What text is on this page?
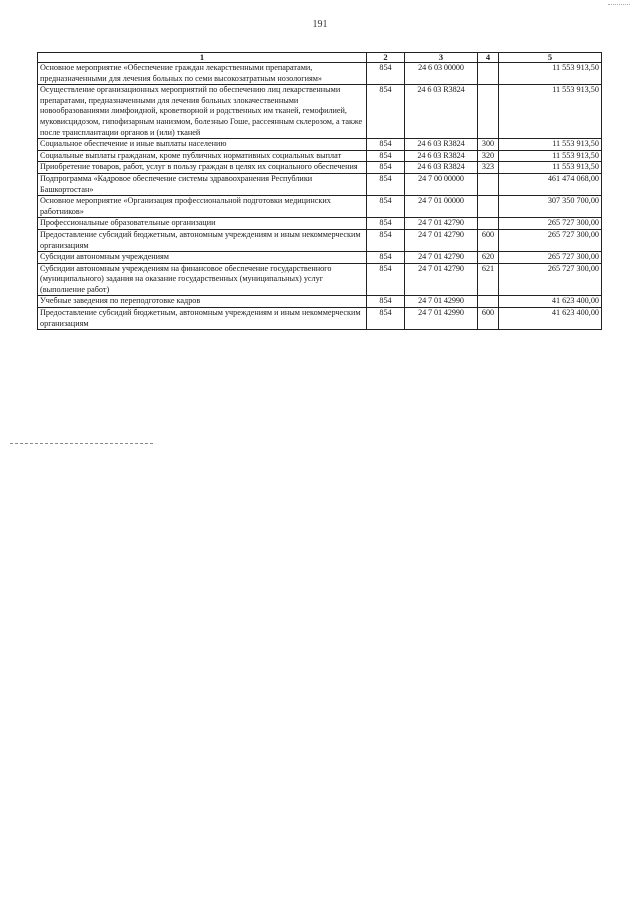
191
1	2	3	4	5
Основное мероприятие «Обеспечение граждан лекарственными препаратами, предназначенными для лечения больных по семи высокозатратным нозологиям»	854	24 6 03 00000		11 553 913,50
Осуществление организационных мероприятий по обеспечению лиц лекарственными препаратами, предназначенными для лечения больных злокачественными новообразованиями лимфоидной, кроветворной и родственных им тканей, гемофилией, муковисцидозом, гипофизарным нанизмом, болезнью Гоше, рассеянным склерозом, а также после трансплантации органов и (или) тканей	854	24 6 03 R3824		11 553 913,50
Социальное обеспечение и иные выплаты населению	854	24 6 03 R3824	300	11 553 913,50
Социальные выплаты гражданам, кроме публичных нормативных социальных выплат	854	24 6 03 R3824	320	11 553 913,50
Приобретение товаров, работ, услуг в пользу граждан в целях их социального обеспечения	854	24 6 03 R3824	323	11 553 913,50
Подпрограмма «Кадровое обеспечение системы здравоохранения Республики Башкортостан»	854	24 7 00 00000		461 474 068,00
Основное мероприятие «Организация профессиональной подготовки медицинских работников»	854	24 7 01 00000		307 350 700,00
Профессиональные образовательные организации	854	24 7 01 42790		265 727 300,00
Предоставление субсидий бюджетным, автономным учреждениям и иным некоммерческим организациям	854	24 7 01 42790	600	265 727 300,00
Субсидии автономным учреждениям	854	24 7 01 42790	620	265 727 300,00
Субсидии автономным учреждениям на финансовое обеспечение государственного (муниципального) задания на оказание государственных (муниципальных) услуг (выполнение работ)	854	24 7 01 42790	621	265 727 300,00
Учебные заведения по переподготовке кадров	854	24 7 01 42990		41 623 400,00
Предоставление субсидий бюджетным, автономным учреждениям и иным некоммерческим организациям	854	24 7 01 42990	600	41 623 400,00
